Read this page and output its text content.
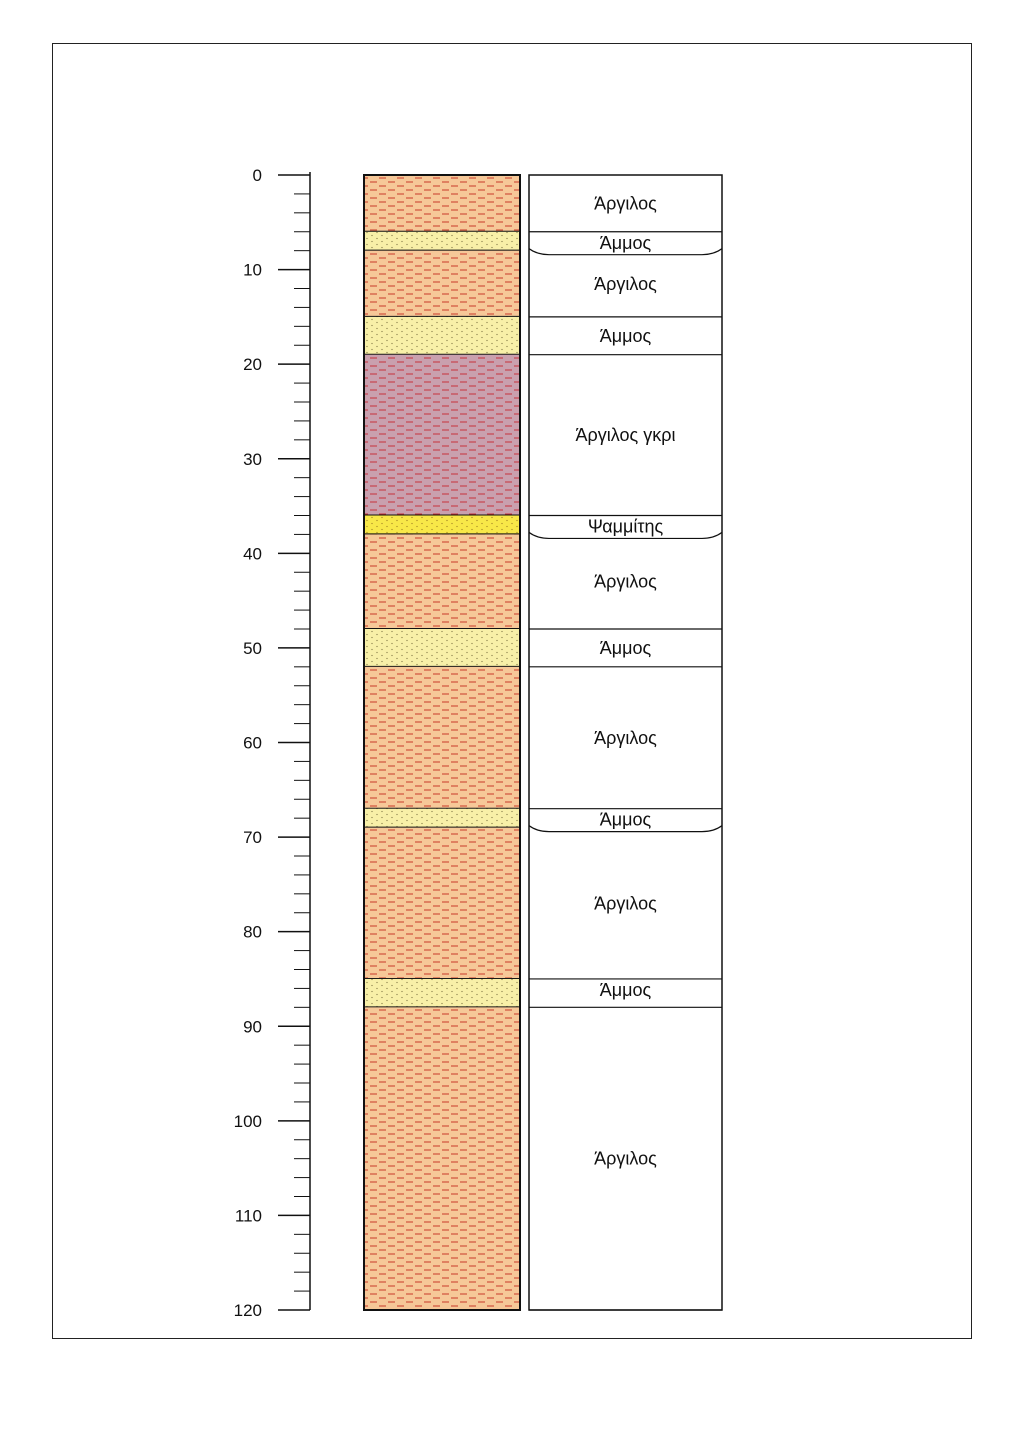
0
10
20
30
40
50
60
70
80
90
100
110
120
Άργιλος
Άμμος
Άργιλος
Άμμος
Άργιλος γκρι
Ψαμμίτης
Άργιλος
Άμμος
Άργιλος
Άμμος
Άργιλος
Άμμος
Άργιλος
